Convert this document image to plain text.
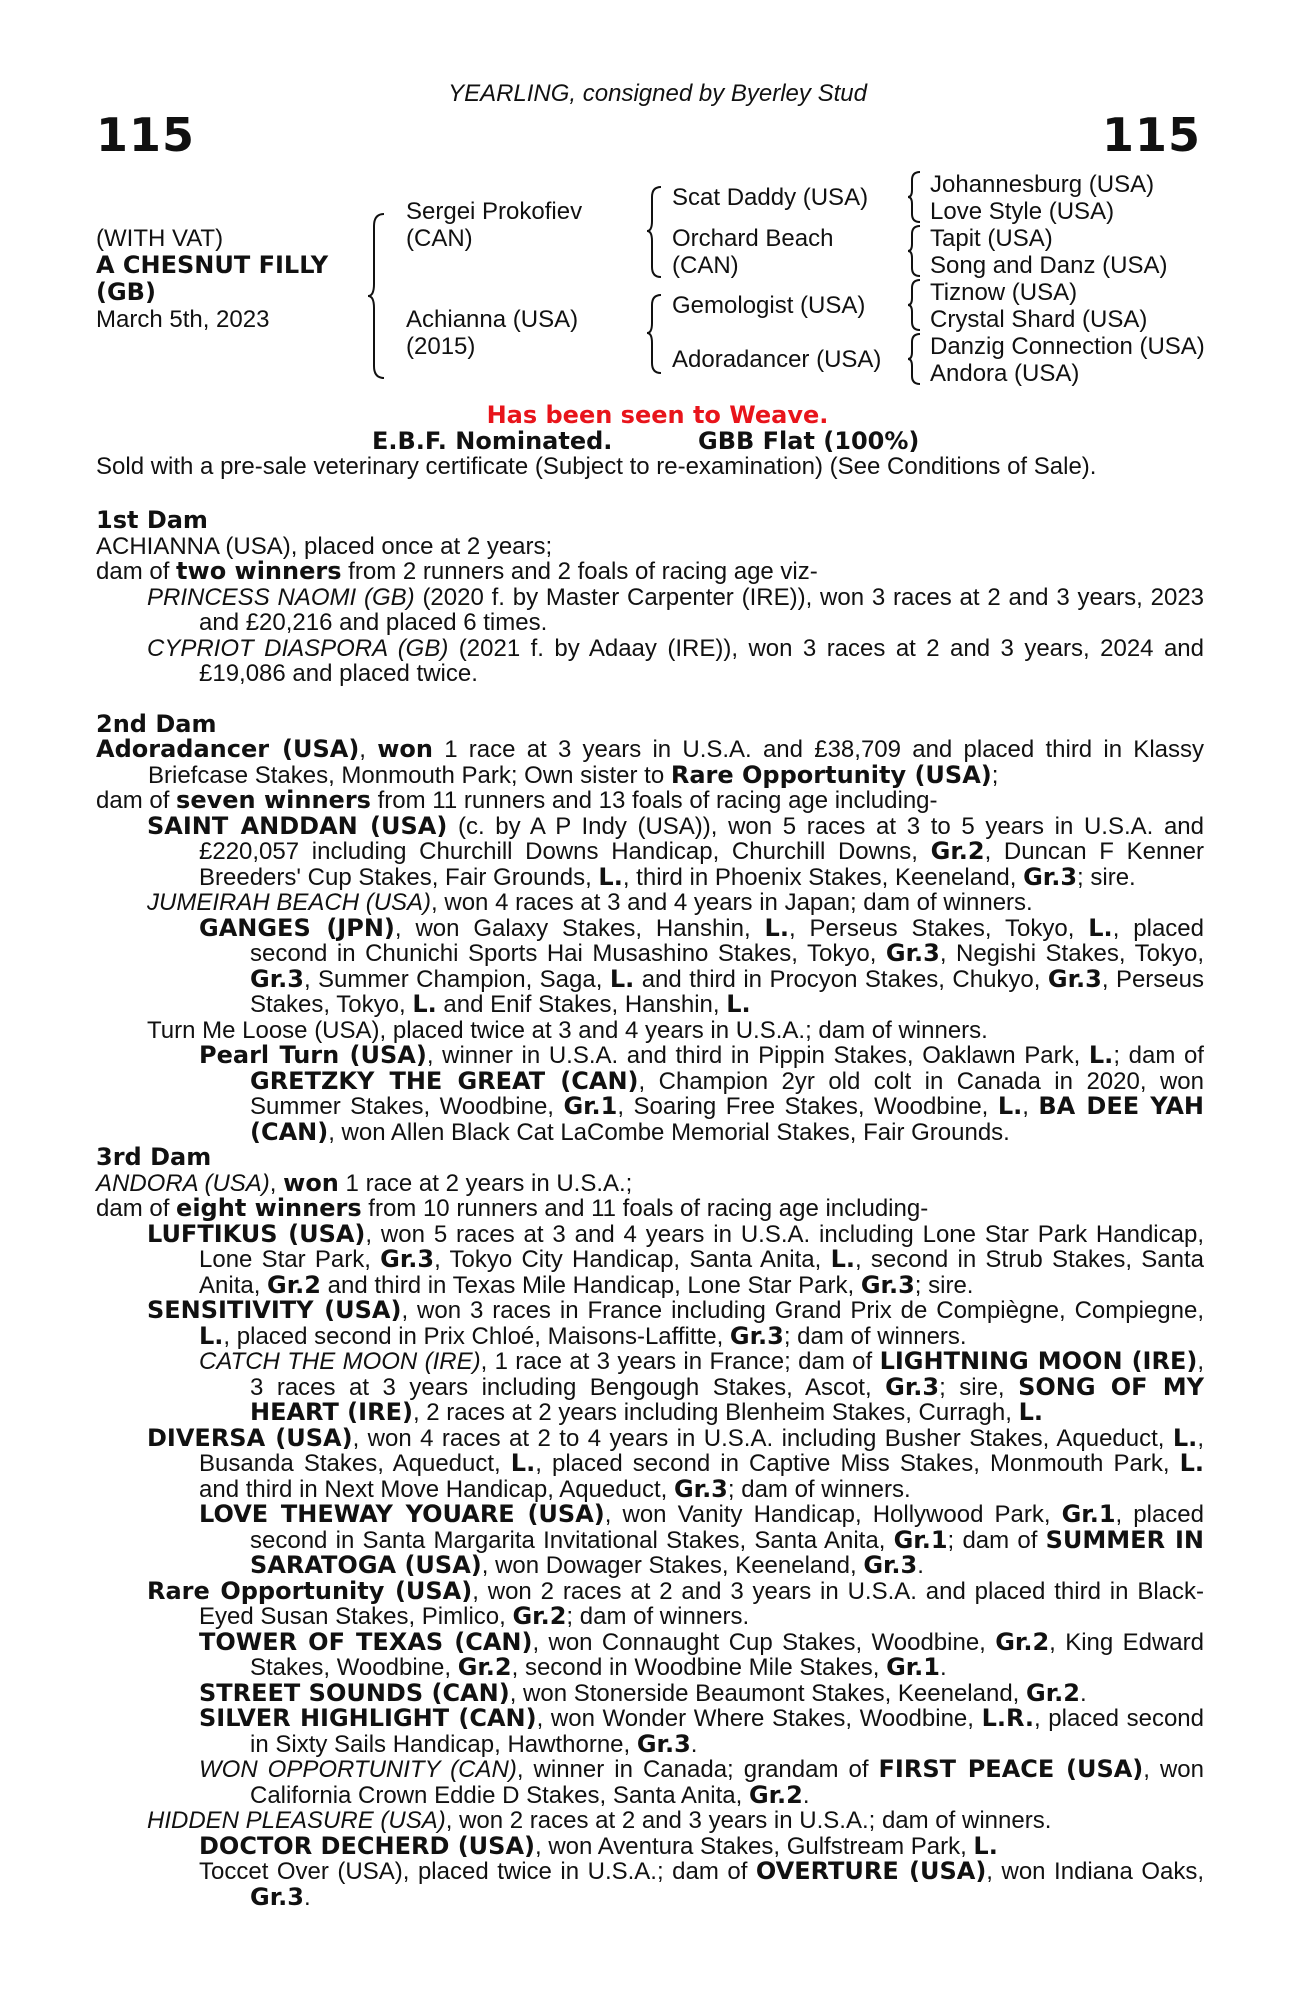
YEARLING, consigned by Byerley Stud
115	115
(WITH VAT)
A CHESNUT FILLY
(GB)
March 5th, 2023
Sergei Prokofiev
(CAN)
Achianna (USA)
(2015)
Scat Daddy (USA)
Orchard Beach
(CAN)
Gemologist (USA)
Adoradancer (USA)
Johannesburg (USA)
Love Style (USA)
Tapit (USA)
Song and Danz (USA)
Tiznow (USA)
Crystal Shard (USA)
Danzig Connection (USA)
Andora (USA)
Has been seen to Weave.
E.B.F. Nominated.	GBB Flat (100%)
Sold with a pre-sale veterinary certificate (Subject to re-examination) (See Conditions of Sale).

1st Dam

ACHIANNA (USA), placed once at 2 years;

dam of two winners from 2 runners and 2 foals of racing age viz-

PRINCESS NAOMI (GB) (2020 f. by Master Carpenter (IRE)), won 3 races at 2 and 3 years, 2023 and £20,216 and placed 6 times.

CYPRIOT DIASPORA (GB) (2021 f. by Adaay (IRE)), won 3 races at 2 and 3 years, 2024 and £19,086 and placed twice.

2nd Dam

Adoradancer (USA), won 1 race at 3 years in U.S.A. and £38,709 and placed third in Klassy Briefcase Stakes, Monmouth Park; Own sister to Rare Opportunity (USA);

dam of seven winners from 11 runners and 13 foals of racing age including-

SAINT ANDDAN (USA) (c. by A P Indy (USA)), won 5 races at 3 to 5 years in U.S.A. and £220,057 including Churchill Downs Handicap, Churchill Downs, Gr.2, Duncan F Kenner Breeders' Cup Stakes, Fair Grounds, L., third in Phoenix Stakes, Keeneland, Gr.3; sire.

JUMEIRAH BEACH (USA), won 4 races at 3 and 4 years in Japan; dam of winners.

GANGES (JPN), won Galaxy Stakes, Hanshin, L., Perseus Stakes, Tokyo, L., placed second in Chunichi Sports Hai Musashino Stakes, Tokyo, Gr.3, Negishi Stakes, Tokyo, Gr.3, Summer Champion, Saga, L. and third in Procyon Stakes, Chukyo, Gr.3, Perseus Stakes, Tokyo, L. and Enif Stakes, Hanshin, L.

Turn Me Loose (USA), placed twice at 3 and 4 years in U.S.A.; dam of winners.

Pearl Turn (USA), winner in U.S.A. and third in Pippin Stakes, Oaklawn Park, L.; dam of GRETZKY THE GREAT (CAN), Champion 2yr old colt in Canada in 2020, won Summer Stakes, Woodbine, Gr.1, Soaring Free Stakes, Woodbine, L., BA DEE YAH (CAN), won Allen Black Cat LaCombe Memorial Stakes, Fair Grounds.

3rd Dam

ANDORA (USA), won 1 race at 2 years in U.S.A.;

dam of eight winners from 10 runners and 11 foals of racing age including-

LUFTIKUS (USA), won 5 races at 3 and 4 years in U.S.A. including Lone Star Park Handicap, Lone Star Park, Gr.3, Tokyo City Handicap, Santa Anita, L., second in Strub Stakes, Santa Anita, Gr.2 and third in Texas Mile Handicap, Lone Star Park, Gr.3; sire.

SENSITIVITY (USA), won 3 races in France including Grand Prix de Compiègne, Compiegne, L., placed second in Prix Chloé, Maisons-Laffitte, Gr.3; dam of winners.

CATCH THE MOON (IRE), 1 race at 3 years in France; dam of LIGHTNING MOON (IRE), 3 races at 3 years including Bengough Stakes, Ascot, Gr.3; sire, SONG OF MY HEART (IRE), 2 races at 2 years including Blenheim Stakes, Curragh, L.

DIVERSA (USA), won 4 races at 2 to 4 years in U.S.A. including Busher Stakes, Aqueduct, L., Busanda Stakes, Aqueduct, L., placed second in Captive Miss Stakes, Monmouth Park, L. and third in Next Move Handicap, Aqueduct, Gr.3; dam of winners.

LOVE THEWAY YOUARE (USA), won Vanity Handicap, Hollywood Park, Gr.1, placed second in Santa Margarita Invitational Stakes, Santa Anita, Gr.1; dam of SUMMER IN SARATOGA (USA), won Dowager Stakes, Keeneland, Gr.3.

Rare Opportunity (USA), won 2 races at 2 and 3 years in U.S.A. and placed third in Black-Eyed Susan Stakes, Pimlico, Gr.2; dam of winners.

TOWER OF TEXAS (CAN), won Connaught Cup Stakes, Woodbine, Gr.2, King Edward Stakes, Woodbine, Gr.2, second in Woodbine Mile Stakes, Gr.1.

STREET SOUNDS (CAN), won Stonerside Beaumont Stakes, Keeneland, Gr.2.

SILVER HIGHLIGHT (CAN), won Wonder Where Stakes, Woodbine, L.R., placed second in Sixty Sails Handicap, Hawthorne, Gr.3.

WON OPPORTUNITY (CAN), winner in Canada; grandam of FIRST PEACE (USA), won California Crown Eddie D Stakes, Santa Anita, Gr.2.

HIDDEN PLEASURE (USA), won 2 races at 2 and 3 years in U.S.A.; dam of winners.

DOCTOR DECHERD (USA), won Aventura Stakes, Gulfstream Park, L.

Toccet Over (USA), placed twice in U.S.A.; dam of OVERTURE (USA), won Indiana Oaks, Gr.3.
